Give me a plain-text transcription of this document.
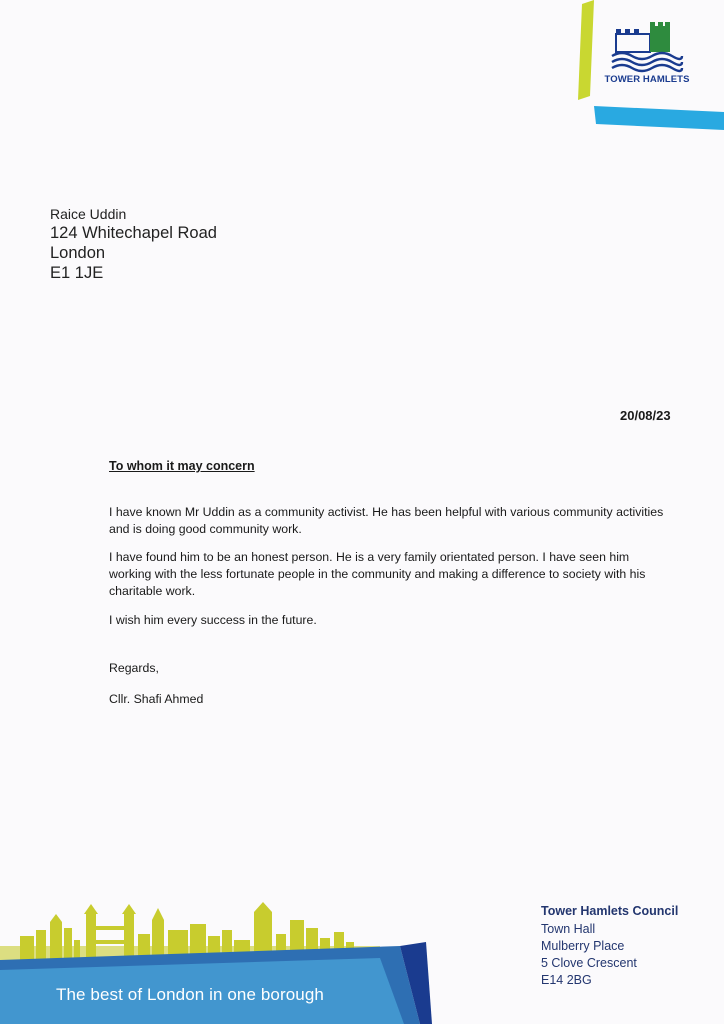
TOWER HAMLETS
Raice Uddin
124 Whitechapel Road
London
E1 1JE
20/08/23
To whom it may concern
I have known Mr Uddin as a community activist. He has been helpful with various community activities and is doing good community work.
I have found him to be an honest person. He is a very family orientated person. I have seen him working with the less fortunate people in the community and making a difference to society with his charitable work.
I wish him every success in the future.
Regards,
Cllr. Shafi Ahmed
The best of London in one borough
Tower Hamlets Council
Town Hall
Mulberry Place
5 Clove Crescent
E14 2BG
